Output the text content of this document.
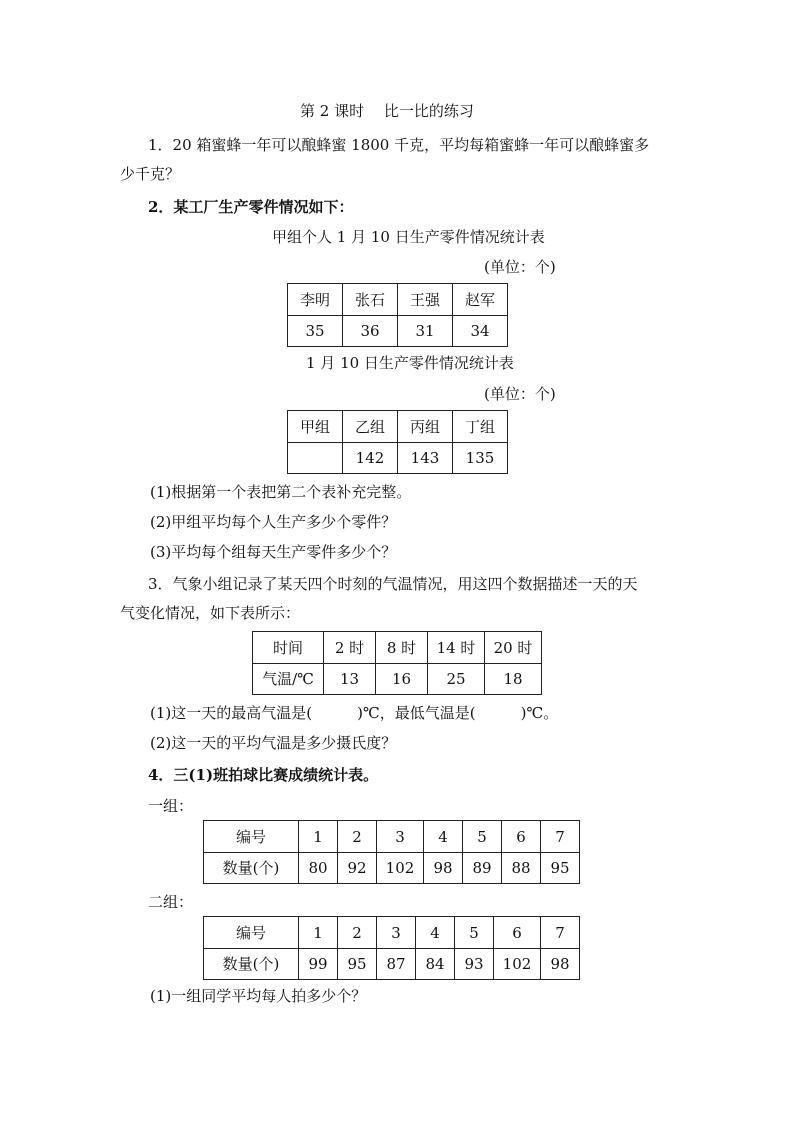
第 2 课时　 比一比的练习
1．20 箱蜜蜂一年可以酿蜂蜜 1800 千克，平均每箱蜜蜂一年可以酿蜂蜜多
少千克？
2．某工厂生产零件情况如下：
甲组个人 1 月 10 日生产零件情况统计表
(单位：个)
李明	张石	王强	赵军
35	36	31	34
1 月 10 日生产零件情况统计表
(单位：个)
甲组	乙组	丙组	丁组
	142	143	135
(1)根据第一个表把第二个表补充完整。
(2)甲组平均每个人生产多少个零件？
(3)平均每个组每天生产零件多少个？
3．气象小组记录了某天四个时刻的气温情况，用这四个数据描述一天的天
气变化情况，如下表所示：
时间	2 时	8 时	14 时	20 时
气温/℃	13	16	25	18
(1)这一天的最高气温是(　　　)℃，最低气温是(　　　)℃。
(2)这一天的平均气温是多少摄氏度？
4．三(1)班拍球比赛成绩统计表。
一组：
编号	1	2	3	4	5	6	7
数量(个)	80	92	102	98	89	88	95
二组：
编号	1	2	3	4	5	6	7
数量(个)	99	95	87	84	93	102	98
(1)一组同学平均每人拍多少个？
